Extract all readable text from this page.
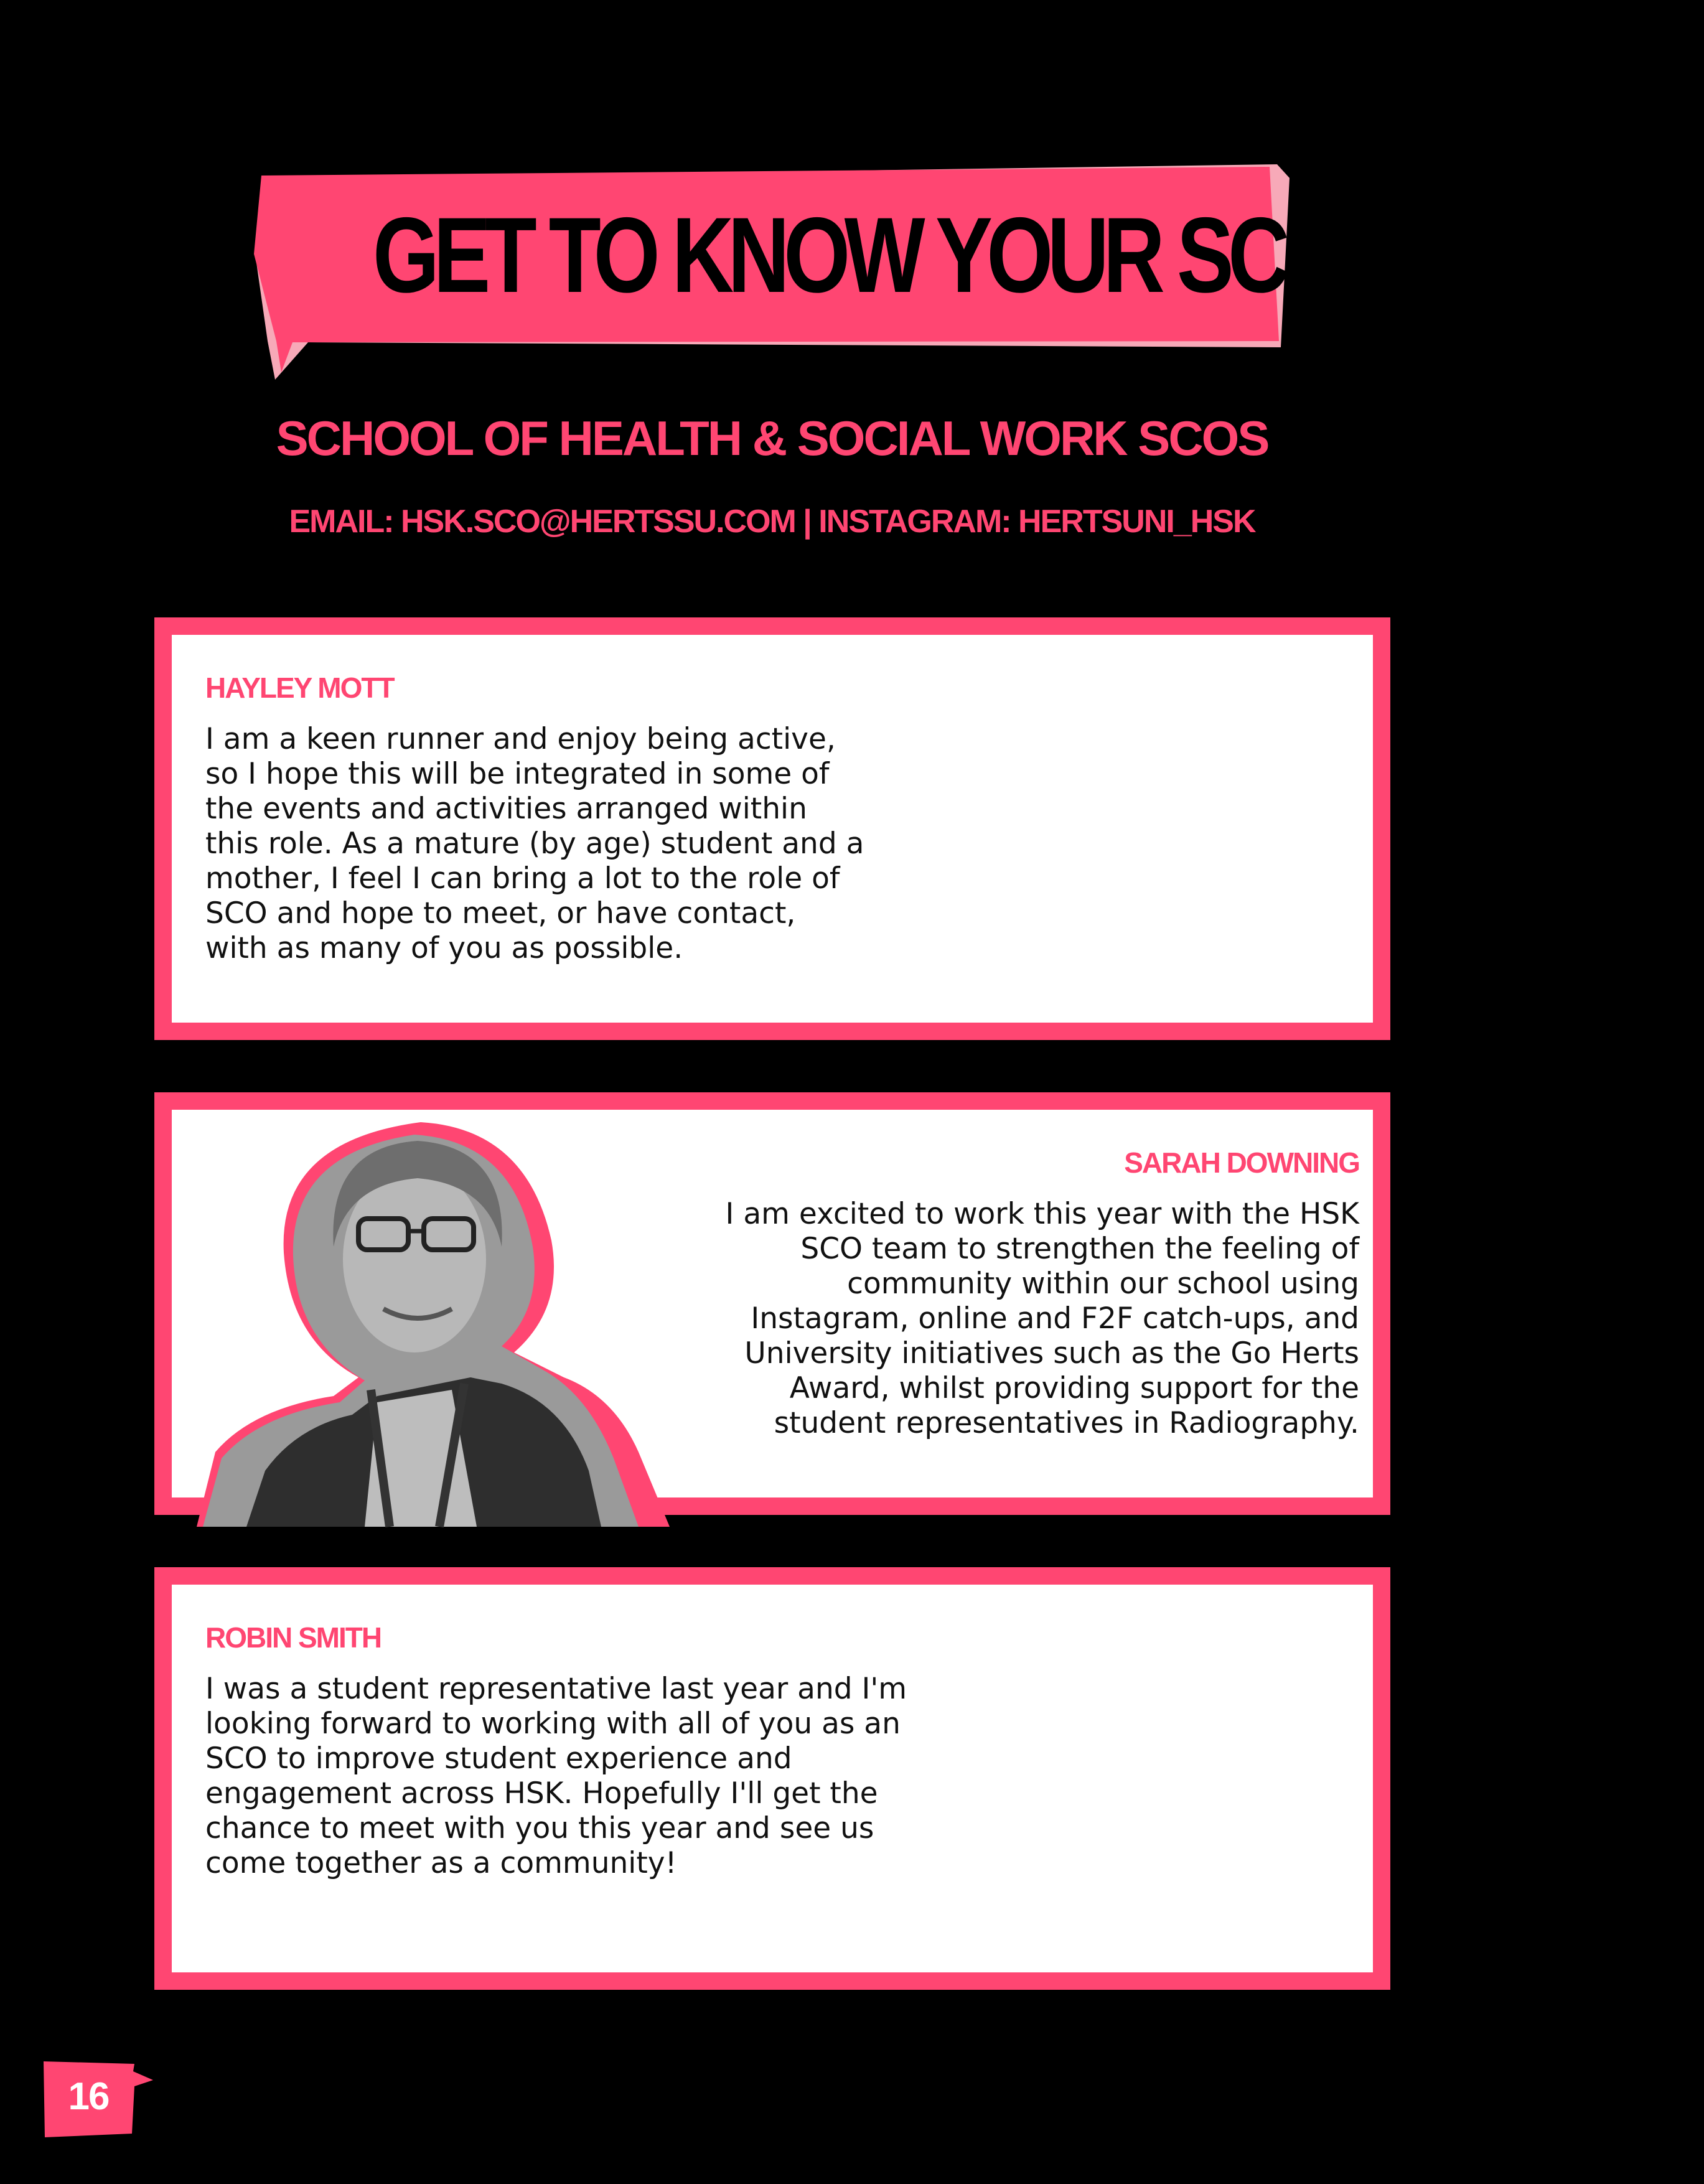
GET TO KNOW YOUR SCOS 2022- 23
SCHOOL OF HEALTH & SOCIAL WORK SCOS
EMAIL: HSK.SCO@HERTSSU.COM | INSTAGRAM: HERTSUNI_HSK
HAYLEY MOTT
I am a keen runner and enjoy being active, so I hope this will be integrated in some of the events and activities arranged within this role. As a mature (by age) student and a mother, I feel I can bring a lot to the role of SCO and hope to meet, or have contact, with as many of you as possible.
SARAH DOWNING
I am excited to work this year with the HSK SCO team to strengthen the feeling of community within our school using Instagram, online and F2F catch-ups, and University initiatives such as the Go Herts Award, whilst providing support for the student representatives in Radiography.
ROBIN SMITH
I was a student representative last year and I'm looking forward to working with all of you as an SCO to improve student experience and engagement across HSK. Hopefully I'll get the chance to meet with you this year and see us come together as a community!
16
